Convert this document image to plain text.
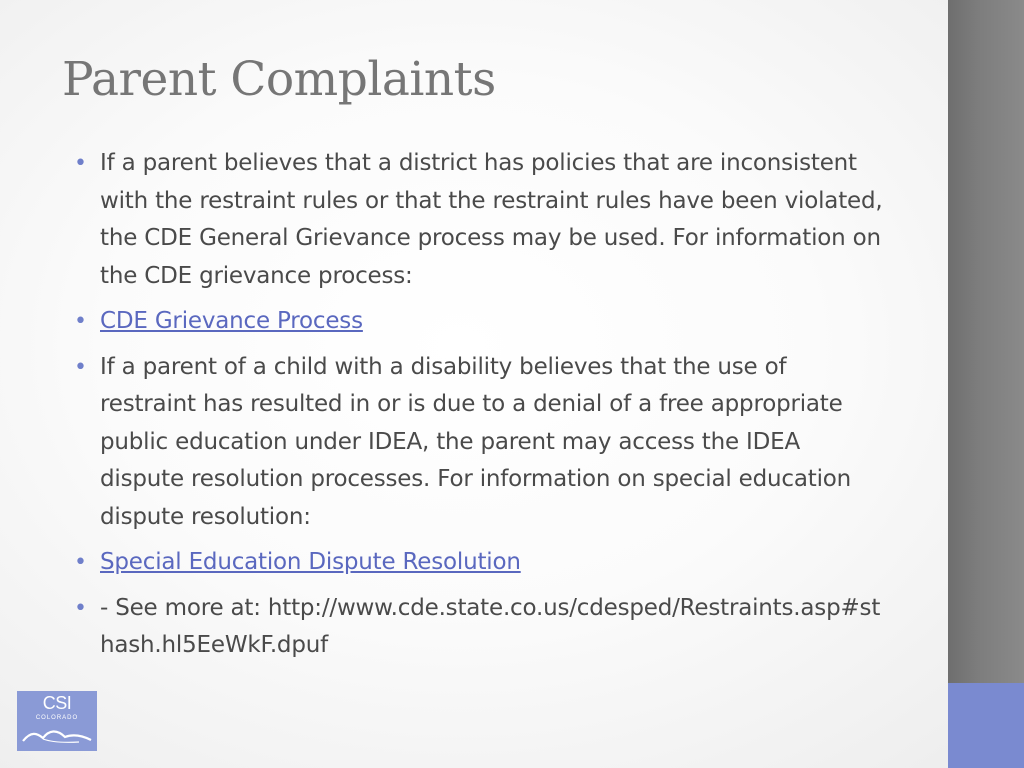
Parent Complaints
• If a parent believes that a district has policies that are inconsistent with the restraint rules or that the restraint rules have been violated, the CDE General Grievance process may be used. For information on the CDE grievance process:
• CDE Grievance Process
• If a parent of a child with a disability believes that the use of restraint has resulted in or is due to a denial of a free appropriate public education under IDEA, the parent may access the IDEA dispute resolution processes. For information on special education dispute resolution:
• Special Education Dispute Resolution
• - See more at: http://www.cde.state.co.us/cdesped/Restraints.asp#sthash.hl5EeWkF.dpuf
CSI
COLORADO
